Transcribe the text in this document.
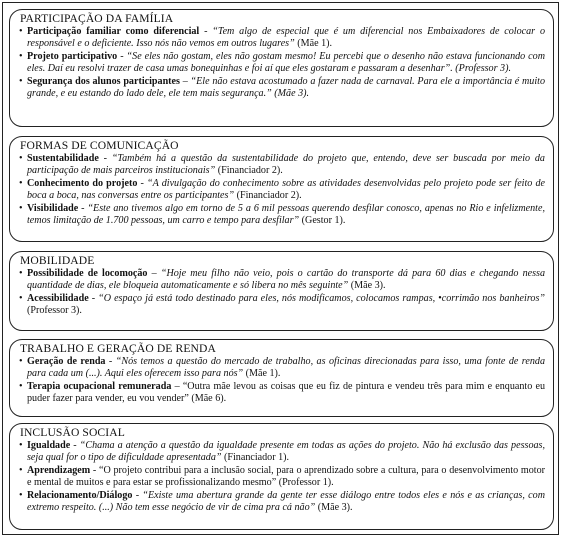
PARTICIPAÇÃO DA FAMÍLIA
• Participação familiar como diferencial - “Tem algo de especial que é um diferencial nos Embaixadores de colocar o responsável e o deficiente. Isso nós não vemos em outros lugares” (Mãe 1).
• Projeto participativo - “Se eles não gostam, eles não gostam mesmo! Eu percebi que o desenho não estava funcionando com eles. Daí eu resolvi trazer de casa umas bonequinhas e foi aí que eles gostaram e passaram a desenhar”. (Professor 3).
• Segurança dos alunos participantes – “Ele não estava acostumado a fazer nada de carnaval. Para ele a importância é muito grande, e eu estando do lado dele, ele tem mais segurança.” (Mãe 3).
FORMAS DE COMUNICAÇÃO
• Sustentabilidade - “Também há a questão da sustentabilidade do projeto que, entendo, deve ser buscada por meio da participação de mais parceiros institucionais” (Financiador 2).
• Conhecimento do projeto - “A divulgação do conhecimento sobre as atividades desenvolvidas pelo projeto pode ser feito de boca a boca, nas conversas entre os participantes” (Financiador 2).
• Visibilidade - “Este ano tivemos algo em torno de 5 a 6 mil pessoas querendo desfilar conosco, apenas no Rio e infelizmente, temos limitação de 1.700 pessoas, um carro e tempo para desfilar” (Gestor 1).
MOBILIDADE
• Possibilidade de locomoção – “Hoje meu filho não veio, pois o cartão do transporte dá para 60 dias e chegando nessa quantidade de dias, ele bloqueia automaticamente e só libera no mês seguinte” (Mãe 3).
• Acessibilidade - “O espaço já está todo destinado para eles, nós modificamos, colocamos rampas, •corrimão nos banheiros” (Professor 3).
TRABALHO E GERAÇÃO DE RENDA
• Geração de renda - “Nós temos a questão do mercado de trabalho, as oficinas direcionadas para isso, uma fonte de renda para cada um (...). Aqui eles oferecem isso para nós” (Mãe 1).
• Terapia ocupacional remunerada – “Outra mãe levou as coisas que eu fiz de pintura e vendeu três para mim e enquanto eu puder fazer para vender, eu vou vender” (Mãe 6).
INCLUSÃO SOCIAL
• Igualdade - “Chama a atenção a questão da igualdade presente em todas as ações do projeto. Não há exclusão das pessoas, seja qual for o tipo de dificuldade apresentada” (Financiador 1).
• Aprendizagem - “O projeto contribui para a inclusão social, para o aprendizado sobre a cultura, para o desenvolvimento motor e mental de muitos e para estar se profissionalizando mesmo” (Professor 1).
• Relacionamento/Diálogo - “Existe uma abertura grande da gente ter esse diálogo entre todos eles e nós e as crianças, com extremo respeito. (...) Não tem esse negócio de vir de cima pra cá não” (Mãe 3).
